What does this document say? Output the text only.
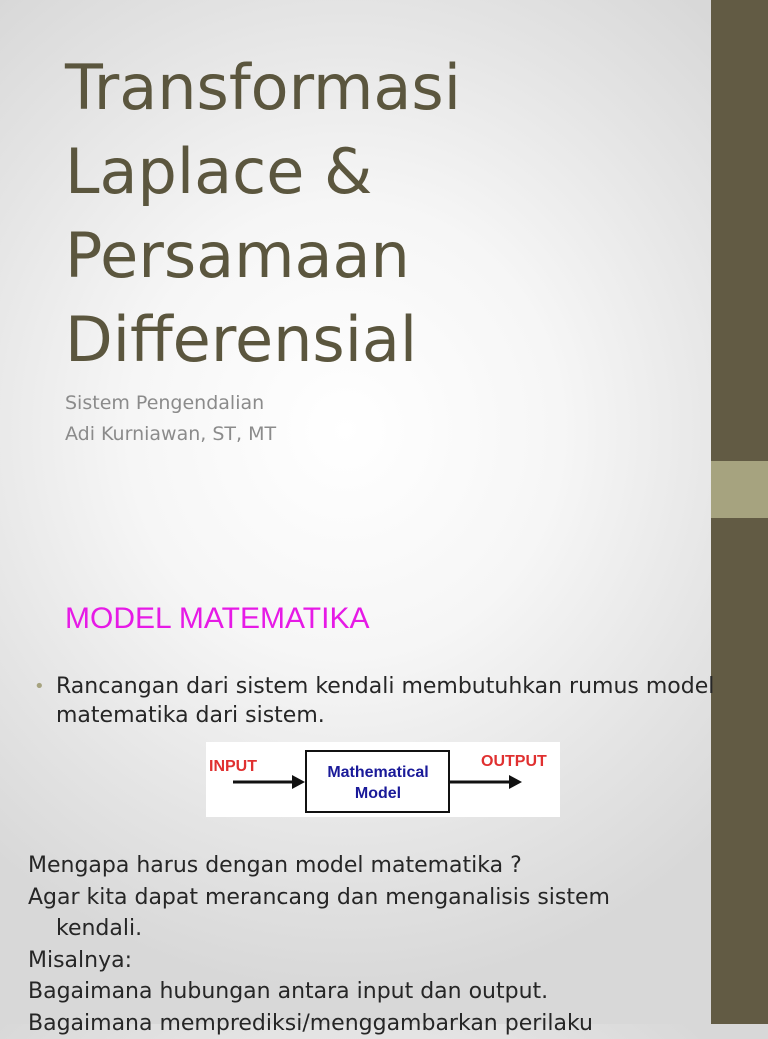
Transformasi
Laplace &
Persamaan
Differensial
Sistem Pengendalian
Adi Kurniawan, ST, MT
MODEL MATEMATIKA
• Rancangan dari sistem kendali membutuhkan rumus model matematika dari sistem.
INPUT	Mathematical
Model
OUTPUT
Mengapa harus dengan model matematika ?
Agar kita dapat merancang dan menganalisis sistem
kendali.
Misalnya:
Bagaimana hubungan antara input dan output.
Bagaimana memprediksi/menggambarkan perilaku
